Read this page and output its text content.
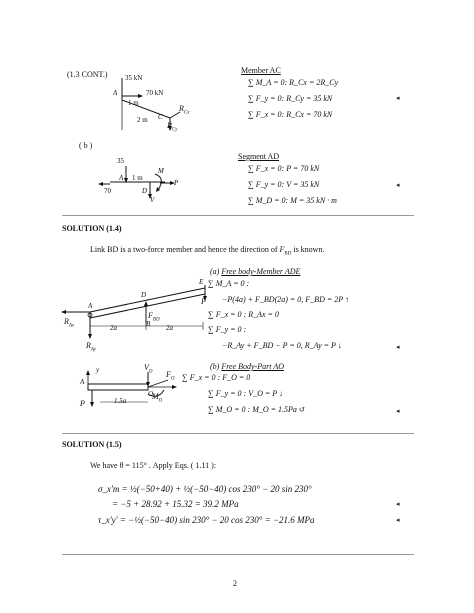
(1.3 CONT.) 35 kN
A	70 kN
1 m
2 m C
$R_{Cx}$
$R_{Cy}$
Member AC
∑ M_A = 0: R_Cx = 2R_Cy
∑ F_y = 0: R_Cy = 35 kN
∑ F_x = 0: R_Cx = 70 kN
◂
( b )
35
A 1 m
M
P
70	D
V
Segment AD
∑ F_x = 0: P = 70 kN
∑ F_y = 0: V = 35 kN
∑ M_D = 0: M = 35 kN · m
◂
SOLUTION (1.4)
Link BD is a two-force member and hence the direction of $F_{BD}$ is known.
(a) Free body-Member ADE
∑ M_A = 0 :
−P(4a) + F_BD(2a) = 0, F_BD = 2P ↑
∑ F_x = 0 : R_Ax = 0
∑ F_y = 0 :
−R_Ay + F_BD − P = 0, R_Ay = P ↓	◂
A
D
E
P
B
$F_{BD}$
$R_{Ax}$
$R_{Ay}$
2a	2a
(b) Free Body-Part AO
y
A
O
P	1.5a
$V_O$ $F_O$
$M_O$
∑ F_x = 0 : F_O = 0
∑ F_y = 0 : V_O = P ↓
∑ M_O = 0 : M_O = 1.5Pa ↺	◂
SOLUTION (1.5)
We have θ = 115° . Apply Eqs. ( 1.11 ):
σ_x'm = ½(−50+40) + ½(−50−40) cos 230° − 20 sin 230°
= −5 + 28.92 + 15.32 = 39.2 MPa	◂
τ_x'y' = −½(−50−40) sin 230° − 20 cos 230° = −21.6 MPa	◂
2
